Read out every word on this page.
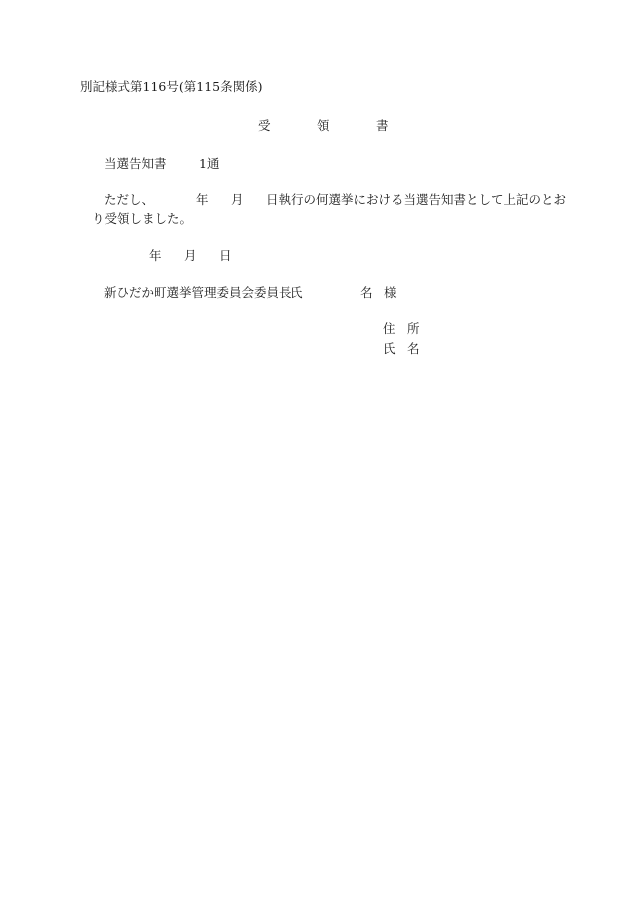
別記様式第116号(第115条関係)
受	領	書
当選告知書	1通
ただし、	年 月 日執行の何選挙における当選告知書として上記のとお
り受領しました。
年 月 日
新ひだか町選挙管理委員会委員長氏	名 様
住 所
氏 名
